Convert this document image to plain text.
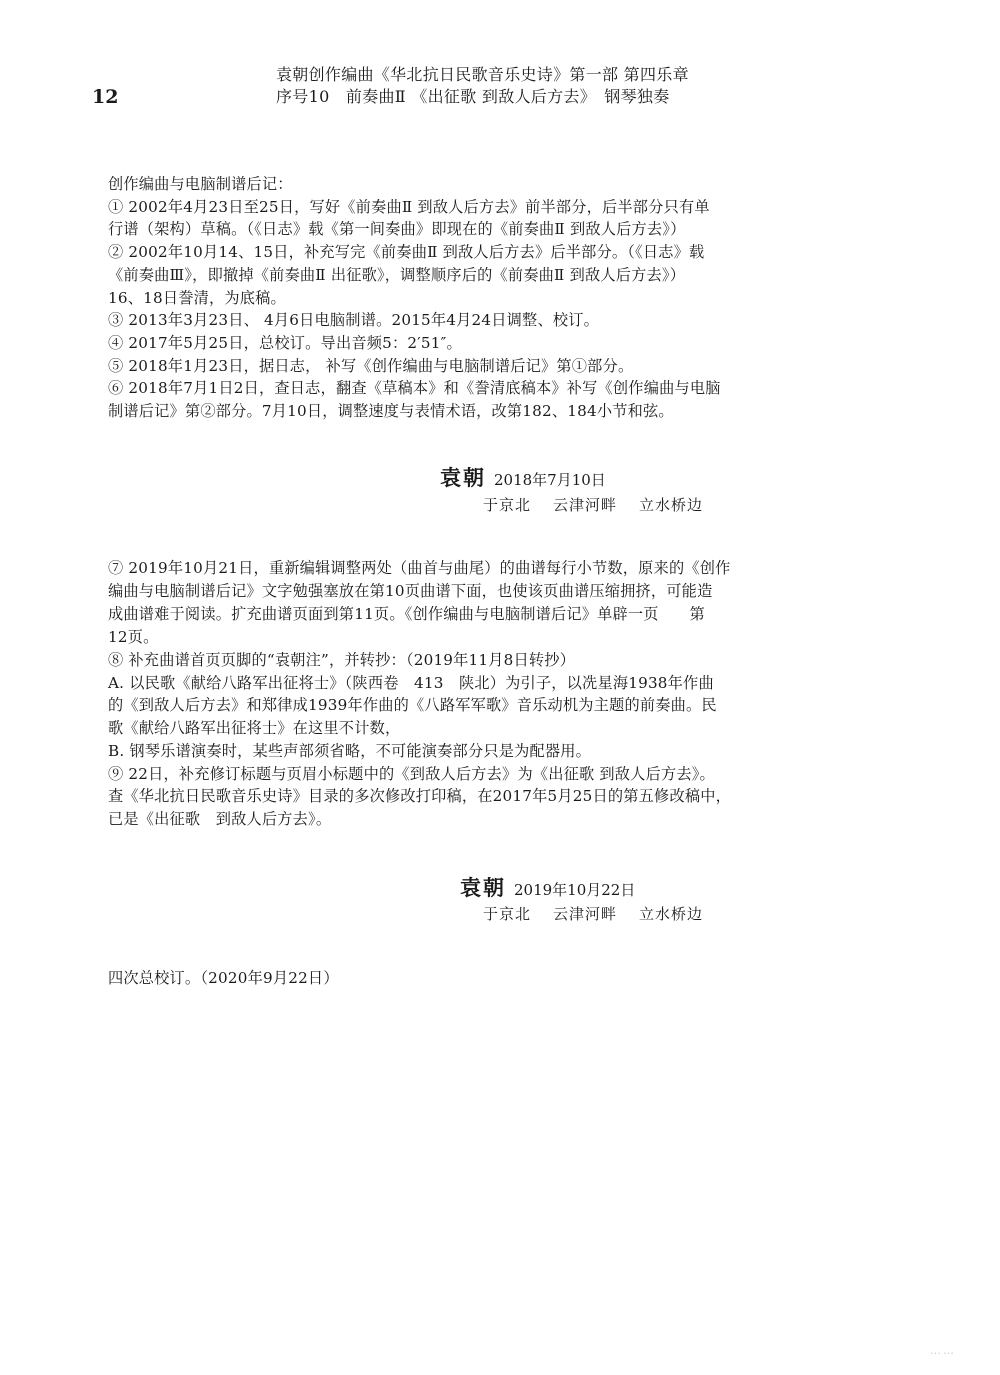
12
袁朝创作编曲《华北抗日民歌音乐史诗》第一部 第四乐章
序号10　前奏曲Ⅱ 《出征歌 到敌人后方去》　钢琴独奏
创作编曲与电脑制谱后记：
① 2002年4月23日至25日，写好《前奏曲Ⅱ 到敌人后方去》前半部分，后半部分只有单
行谱（架构）草稿。（《日志》载《第一间奏曲》即现在的《前奏曲Ⅱ 到敌人后方去》）
② 2002年10月14、15日，补充写完《前奏曲Ⅱ 到敌人后方去》后半部分。（《日志》载
《前奏曲Ⅲ》，即撤掉《前奏曲Ⅱ 出征歌》，调整顺序后的《前奏曲Ⅱ 到敌人后方去》）
16、18日誊清，为底稿。
③ 2013年3月23日、 4月6日电脑制谱。2015年4月24日调整、校订。
④ 2017年5月25日，总校订。导出音频5：2′51″。
⑤ 2018年1月23日，据日志， 补写《创作编曲与电脑制谱后记》第①部分。
⑥ 2018年7月1日2日，查日志，翻查《草稿本》和《誊清底稿本》补写《创作编曲与电脑
制谱后记》第②部分。7月10日，调整速度与表情术语，改第182、184小节和弦。
袁朝 2018年7月10日
于京北 云津河畔 立水桥边
⑦ 2019年10月21日，重新编辑调整两处（曲首与曲尾）的曲谱每行小节数，原来的《创作
编曲与电脑制谱后记》文字勉强塞放在第10页曲谱下面，也使该页曲谱压缩拥挤，可能造
成曲谱难于阅读。扩充曲谱页面到第11页。《创作编曲与电脑制谱后记》单辟一页　　第
12页。
⑧ 补充曲谱首页页脚的“袁朝注”，并转抄：（2019年11月8日转抄）
A. 以民歌《献给八路军出征将士》（陕西卷　413　陕北）为引子，以冼星海1938年作曲
的《到敌人后方去》和郑律成1939年作曲的《八路军军歌》音乐动机为主题的前奏曲。民
歌《献给八路军出征将士》在这里不计数，
B. 钢琴乐谱演奏时，某些声部须省略，不可能演奏部分只是为配器用。
⑨ 22日，补充修订标题与页眉小标题中的《到敌人后方去》为《出征歌 到敌人后方去》。
查《华北抗日民歌音乐史诗》目录的多次修改打印稿，在2017年5月25日的第五修改稿中，
已是《出征歌　到敌人后方去》。
袁朝 2019年10月22日
于京北 云津河畔 立水桥边
四次总校订。（2020年9月22日）
……
